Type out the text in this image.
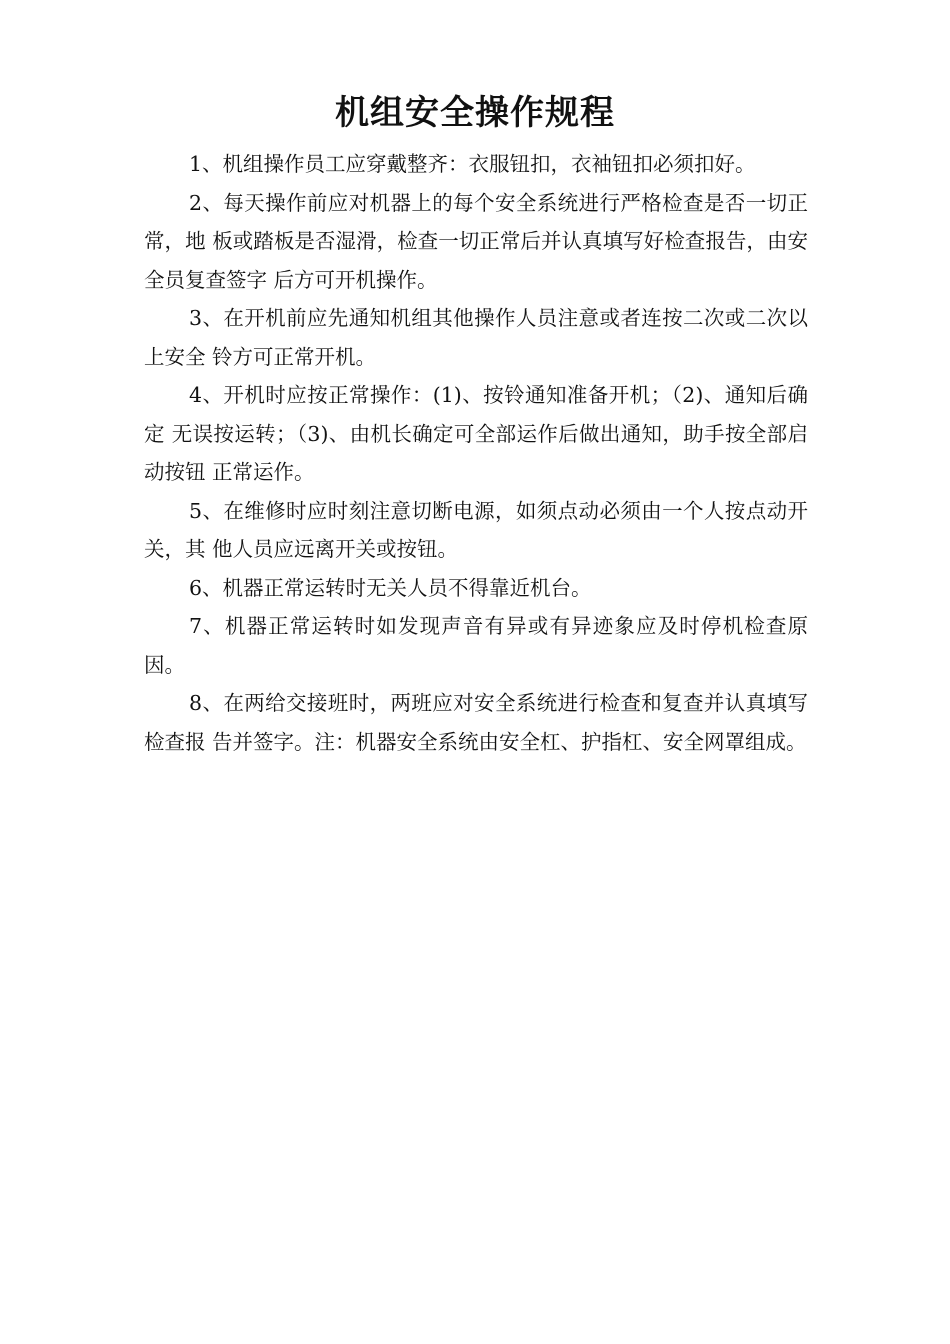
机组安全操作规程

1、机组操作员工应穿戴整齐：衣服钮扣，衣袖钮扣必须扣好。

2、每天操作前应对机器上的每个安全系统进行严格检查是否一切正常，地 板或踏板是否湿滑，检查一切正常后并认真填写好检查报告，由安全员复查签字 后方可开机操作。

3、在开机前应先通知机组其他操作人员注意或者连按二次或二次以上安全 铃方可正常开机。

4、开机时应按正常操作：(1)、按铃通知准备开机；（2)、通知后确定 无误按运转；（3)、由机长确定可全部运作后做出通知，助手按全部启动按钮 正常运作。

5、在维修时应时刻注意切断电源，如须点动必须由一个人按点动开关，其 他人员应远离开关或按钮。

6、机器正常运转时无关人员不得靠近机台。

7、机器正常运转时如发现声音有异或有异迹象应及时停机检查原因。

8、在两给交接班时，两班应对安全系统进行检查和复查并认真填写检查报 告并签字。注：机器安全系统由安全杠、护指杠、安全网罩组成。
